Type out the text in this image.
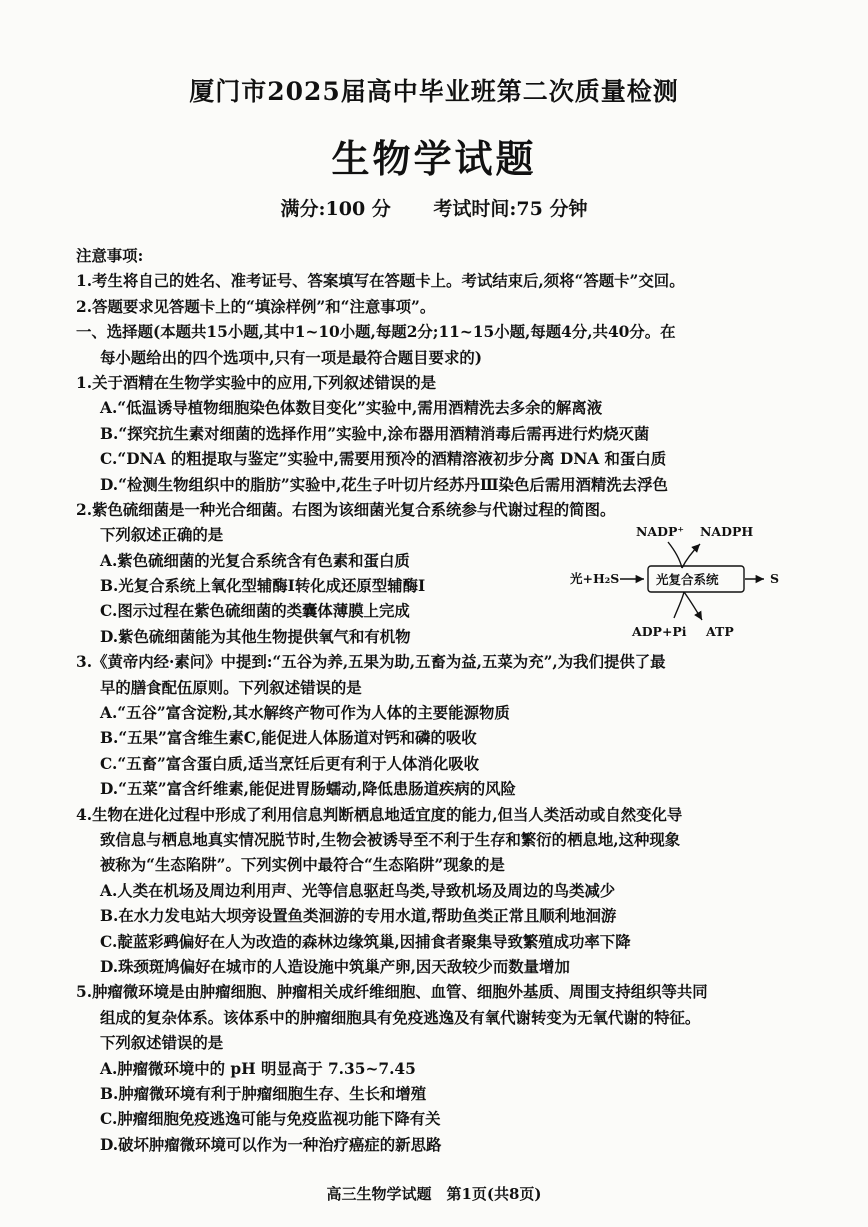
厦门市2025届高中毕业班第二次质量检测
生物学试题
满分:100 分 考试时间:75 分钟
注意事项:
1.考生将自己的姓名、准考证号、答案填写在答题卡上。考试结束后,须将“答题卡”交回。
2.答题要求见答题卡上的“填涂样例”和“注意事项”。
一、选择题(本题共15小题,其中1~10小题,每题2分;11~15小题,每题4分,共40分。在
每小题给出的四个选项中,只有一项是最符合题目要求的)
1.关于酒精在生物学实验中的应用,下列叙述错误的是
A.“低温诱导植物细胞染色体数目变化”实验中,需用酒精洗去多余的解离液
B.“探究抗生素对细菌的选择作用”实验中,涂布器用酒精消毒后需再进行灼烧灭菌
C.“DNA 的粗提取与鉴定”实验中,需要用预冷的酒精溶液初步分离 DNA 和蛋白质
D.“检测生物组织中的脂肪”实验中,花生子叶切片经苏丹Ⅲ染色后需用酒精洗去浮色
2.紫色硫细菌是一种光合细菌。右图为该细菌光复合系统参与代谢过程的简图。
下列叙述正确的是
A.紫色硫细菌的光复合系统含有色素和蛋白质
B.光复合系统上氧化型辅酶Ⅰ转化成还原型辅酶Ⅰ
C.图示过程在紫色硫细菌的类囊体薄膜上完成
D.紫色硫细菌能为其他生物提供氧气和有机物
3.《黄帝内经·素问》中提到:“五谷为养,五果为助,五畜为益,五菜为充”,为我们提供了最
早的膳食配伍原则。下列叙述错误的是
A.“五谷”富含淀粉,其水解终产物可作为人体的主要能源物质
B.“五果”富含维生素C,能促进人体肠道对钙和磷的吸收
C.“五畜”富含蛋白质,适当烹饪后更有利于人体消化吸收
D.“五菜”富含纤维素,能促进胃肠蠕动,降低患肠道疾病的风险
4.生物在进化过程中形成了利用信息判断栖息地适宜度的能力,但当人类活动或自然变化导
致信息与栖息地真实情况脱节时,生物会被诱导至不利于生存和繁衍的栖息地,这种现象
被称为“生态陷阱”。下列实例中最符合“生态陷阱”现象的是
A.人类在机场及周边利用声、光等信息驱赶鸟类,导致机场及周边的鸟类减少
B.在水力发电站大坝旁设置鱼类洄游的专用水道,帮助鱼类正常且顺利地洄游
C.靛蓝彩鹀偏好在人为改造的森林边缘筑巢,因捕食者聚集导致繁殖成功率下降
D.珠颈斑鸠偏好在城市的人造设施中筑巢产卵,因天敌较少而数量增加
5.肿瘤微环境是由肿瘤细胞、肿瘤相关成纤维细胞、血管、细胞外基质、周围支持组织等共同
组成的复杂体系。该体系中的肿瘤细胞具有免疫逃逸及有氧代谢转变为无氧代谢的特征。
下列叙述错误的是
A.肿瘤微环境中的 pH 明显高于 7.35~7.45
B.肿瘤微环境有利于肿瘤细胞生存、生长和增殖
C.肿瘤细胞免疫逃逸可能与免疫监视功能下降有关
D.破坏肿瘤微环境可以作为一种治疗癌症的新思路
NADP⁺ NADPH
光+H₂S	光复合系统	S
ADP+Pi ATP
高三生物学试题　第1页(共8页)
